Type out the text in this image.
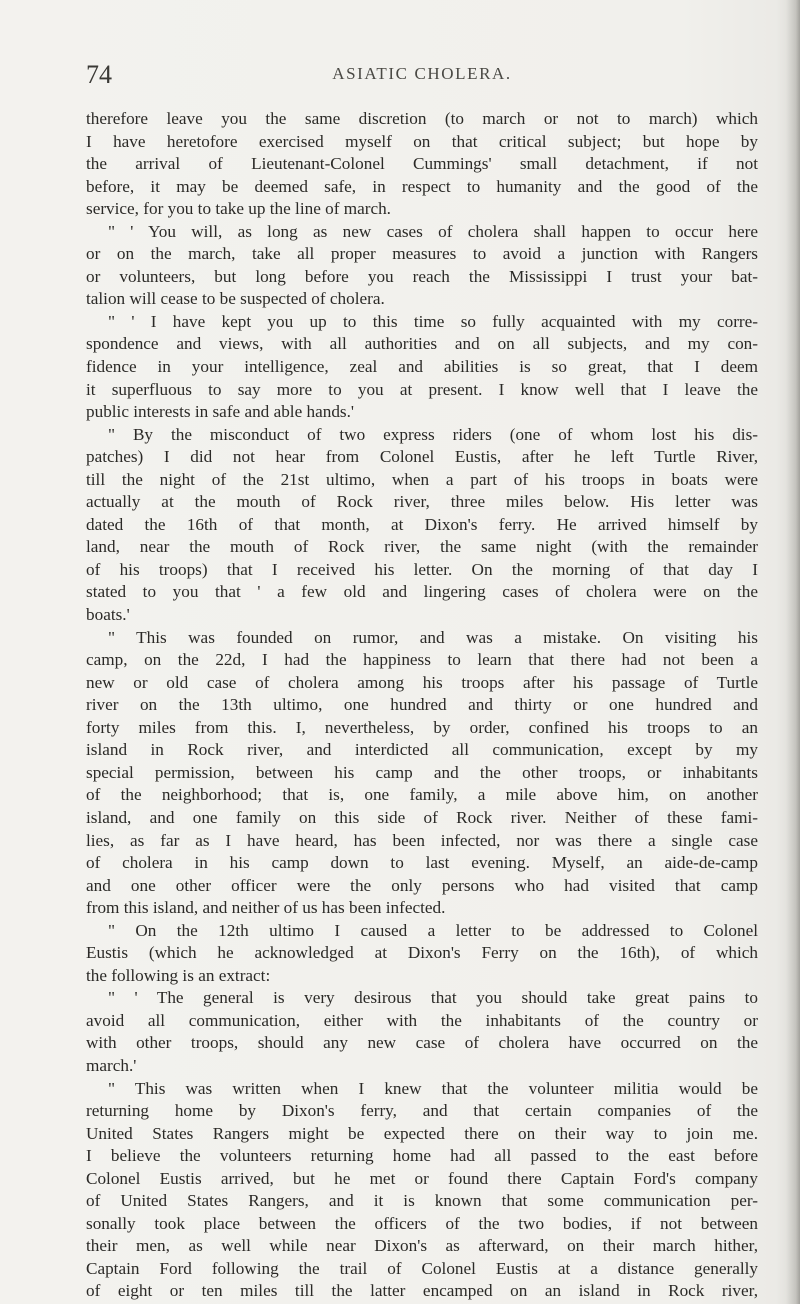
74	ASIATIC CHOLERA.
therefore leave you the same discretion (to march or not to march) which
I have heretofore exercised myself on that critical subject; but hope by
the arrival of Lieutenant-Colonel Cummings' small detachment, if not
before, it may be deemed safe, in respect to humanity and the good of the
service, for you to take up the line of march.
" ' You will, as long as new cases of cholera shall happen to occur here
or on the march, take all proper measures to avoid a junction with Rangers
or volunteers, but long before you reach the Mississippi I trust your bat-
talion will cease to be suspected of cholera.
" ' I have kept you up to this time so fully acquainted with my corre-
spondence and views, with all authorities and on all subjects, and my con-
fidence in your intelligence, zeal and abilities is so great, that I deem
it superfluous to say more to you at present. I know well that I leave the
public interests in safe and able hands.'
" By the misconduct of two express riders (one of whom lost his dis-
patches) I did not hear from Colonel Eustis, after he left Turtle River,
till the night of the 21st ultimo, when a part of his troops in boats were
actually at the mouth of Rock river, three miles below. His letter was
dated the 16th of that month, at Dixon's ferry. He arrived himself by
land, near the mouth of Rock river, the same night (with the remainder
of his troops) that I received his letter. On the morning of that day I
stated to you that ' a few old and lingering cases of cholera were on the
boats.'
" This was founded on rumor, and was a mistake. On visiting his
camp, on the 22d, I had the happiness to learn that there had not been a
new or old case of cholera among his troops after his passage of Turtle
river on the 13th ultimo, one hundred and thirty or one hundred and
forty miles from this. I, nevertheless, by order, confined his troops to an
island in Rock river, and interdicted all communication, except by my
special permission, between his camp and the other troops, or inhabitants
of the neighborhood; that is, one family, a mile above him, on another
island, and one family on this side of Rock river. Neither of these fami-
lies, as far as I have heard, has been infected, nor was there a single case
of cholera in his camp down to last evening. Myself, an aide-de-camp
and one other officer were the only persons who had visited that camp
from this island, and neither of us has been infected.
" On the 12th ultimo I caused a letter to be addressed to Colonel
Eustis (which he acknowledged at Dixon's Ferry on the 16th), of which
the following is an extract:
" ' The general is very desirous that you should take great pains to
avoid all communication, either with the inhabitants of the country or
with other troops, should any new case of cholera have occurred on the
march.'
" This was written when I knew that the volunteer militia would be
returning home by Dixon's ferry, and that certain companies of the
United States Rangers might be expected there on their way to join me.
I believe the volunteers returning home had all passed to the east before
Colonel Eustis arrived, but he met or found there Captain Ford's company
of United States Rangers, and it is known that some communication per-
sonally took place between the officers of the two bodies, if not between
their men, as well while near Dixon's as afterward, on their march hither,
Captain Ford following the trail of Colonel Eustis at a distance generally
of eight or ten miles till the latter encamped on an island in Rock river,
